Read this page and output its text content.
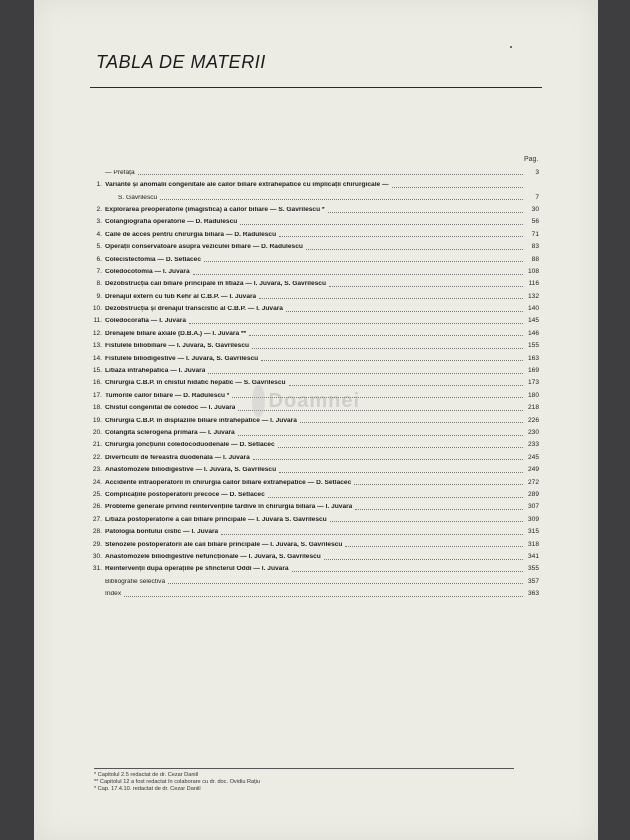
TABLA DE MATERII
Pag.
— Prefață	3
1. Variante și anomalii congenitale ale căilor biliare extrahepatice cu implicații chirurgicale —
S. Gavrilescu	7
2. Explorarea preoperatorie (imagistică) a căilor biliare — S. Gavrilescu *	30
3. Colangiografia operatorie — D. Rădulescu	56
4. Căile de acces pentru chirurgia biliară — D. Rădulescu	71
5. Operații conservatoare asupra veziculei biliare — D. Rădulescu	83
6. Colecistectomia — D. Setlacec	88
7. Coledocotomia — I. Juvara	108
8. Dezobstrucția căii biliare principale în litiază — I. Juvara, S. Gavrilescu	116
9. Drenajul extern cu tub Kehr al C.B.P. — I. Juvara	132
10. Dezobstrucția și drenajul transcistic al C.B.P. — I. Juvara	140
11. Coledocorafia — I. Juvara	145
12. Drenajele biliare axiale (D.B.A.) — I. Juvara **	146
13. Fistulele biliobiliare — I. Juvara, S. Gavrilescu	155
14. Fistulele biliodigestive — I. Juvara, S. Gavrilescu	163
15. Litiaza intrahepatică — I. Juvara	169
16. Chirurgia C.B.P. în chistul hidatic hepatic — S. Gavrilescu	173
17. Tumorile căilor biliare — D. Rădulescu *	180
18. Chistul congenital de coledoc — I. Juvara	218
19. Chirurgia C.B.P. în displaziile biliare intrahepatice — I. Juvara	226
20. Colangita sclerogenă primară — I. Juvara	230
21. Chirurgia joncțiunii coledocoduodenale — D. Setlacec	233
22. Diverticulii de fereastră duodenală — I. Juvara	245
23. Anastomozele biliodigestive — I. Juvara, S. Gavrilescu	249
24. Accidente intraoperatorii în chirurgia căilor biliare extrahepatice — D. Setlacec	272
25. Complicațiile postoperatorii precoce — D. Setlacec	289
26. Probleme generale privind reintervențiile tardive în chirurgia biliară — I. Juvara	307
27. Litiaza postoperatorie a căii biliare principale — I. Juvara S. Gavrilescu	309
28. Patologia bontului cistic — I. Juvara	315
29. Stenozele postoperatorii ale căii biliare principale — I. Juvara, S. Gavrilescu	318
30. Anastomozele biliodigestive nefuncționale — I. Juvara, S. Gavrilescu	341
31. Reintervenții după operațiile pe sfincterul Oddi — I. Juvara	355
Bibliografie selectivă	357
Index	363
Doamnei
* Capitolul 2.5 redactat de dr. Cezar Daniil
** Capitolul 12 a fost redactat în colaborare cu dr. doc. Ovidiu Rațiu
* Cap. 17.4.10. redactat de dr. Cezar Daniil
